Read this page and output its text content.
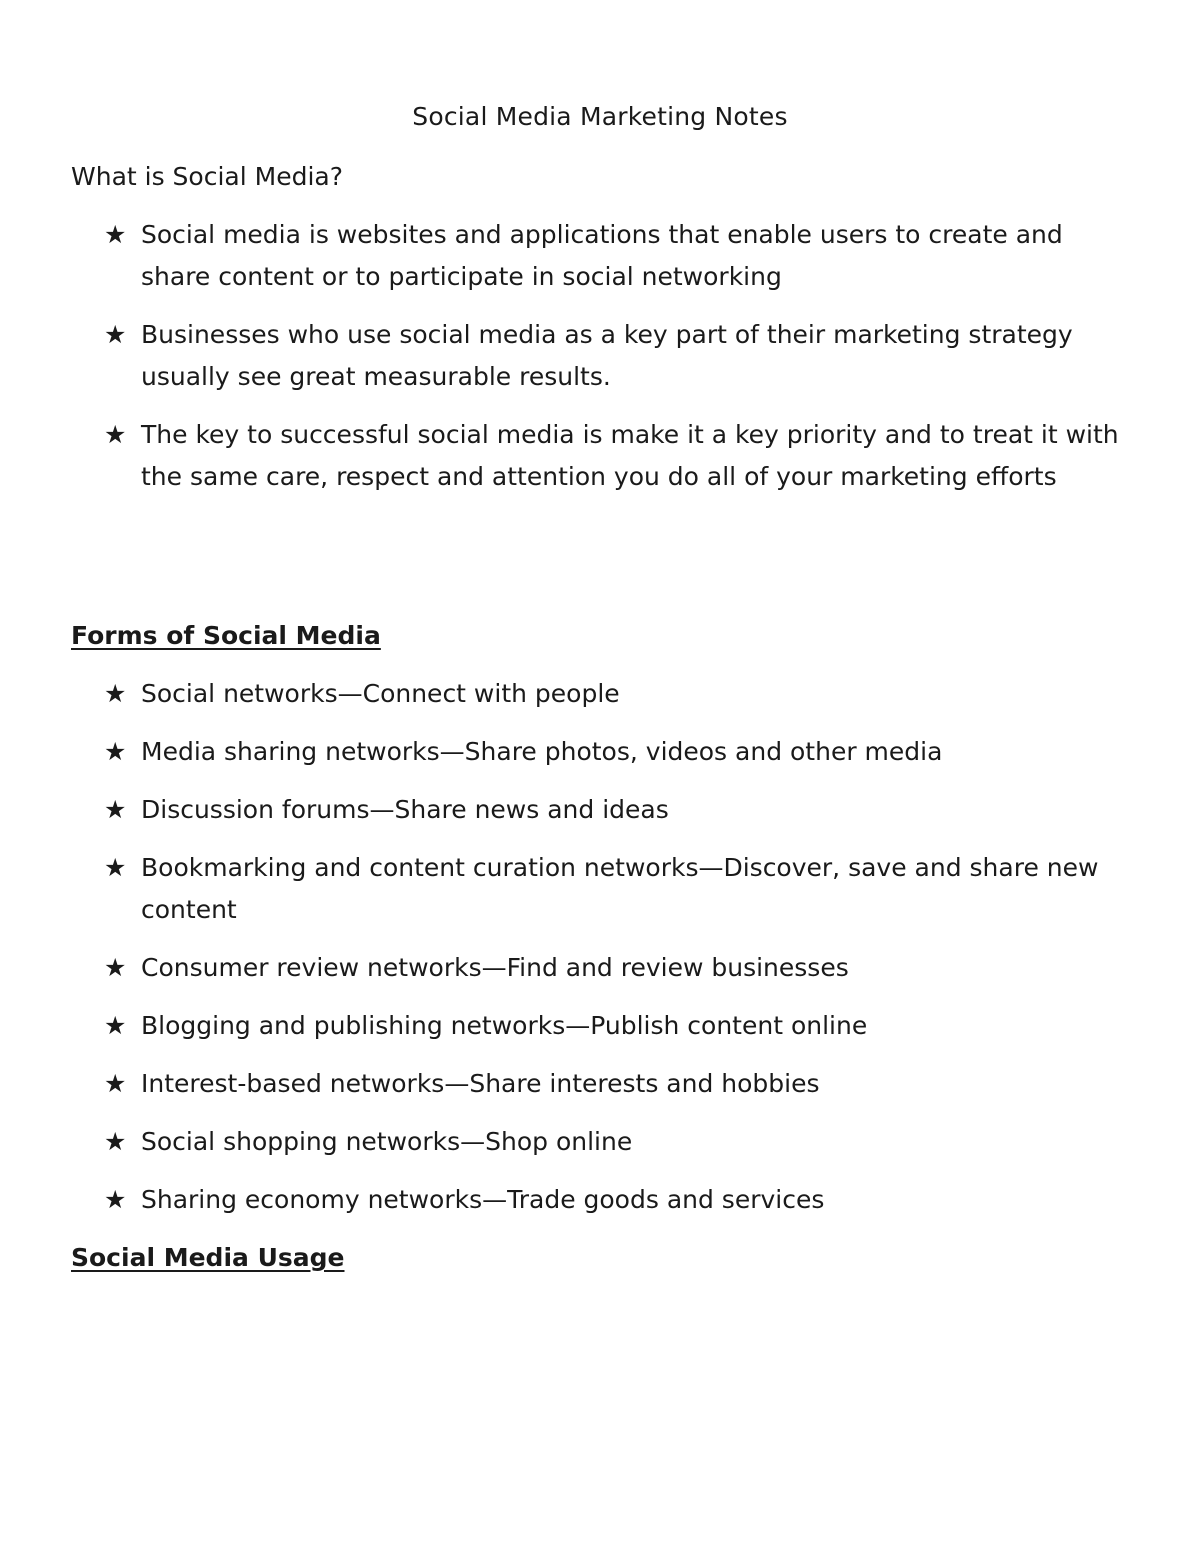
Social Media Marketing Notes

What is Social Media?

★ Social media is websites and applications that enable users to create and share content or to participate in social networking
★ Businesses who use social media as a key part of their marketing strategy usually see great measurable results.
★ The key to successful social media is make it a key priority and to treat it with the same care, respect and attention you do all of your marketing efforts
Forms of Social Media
★ Social networks—Connect with people
★ Media sharing networks—Share photos, videos and other media
★ Discussion forums—Share news and ideas
★ Bookmarking and content curation networks—Discover, save and share new content
★ Consumer review networks—Find and review businesses
★ Blogging and publishing networks—Publish content online
★ Interest-based networks—Share interests and hobbies
★ Social shopping networks—Shop online
★ Sharing economy networks—Trade goods and services
Social Media Usage
